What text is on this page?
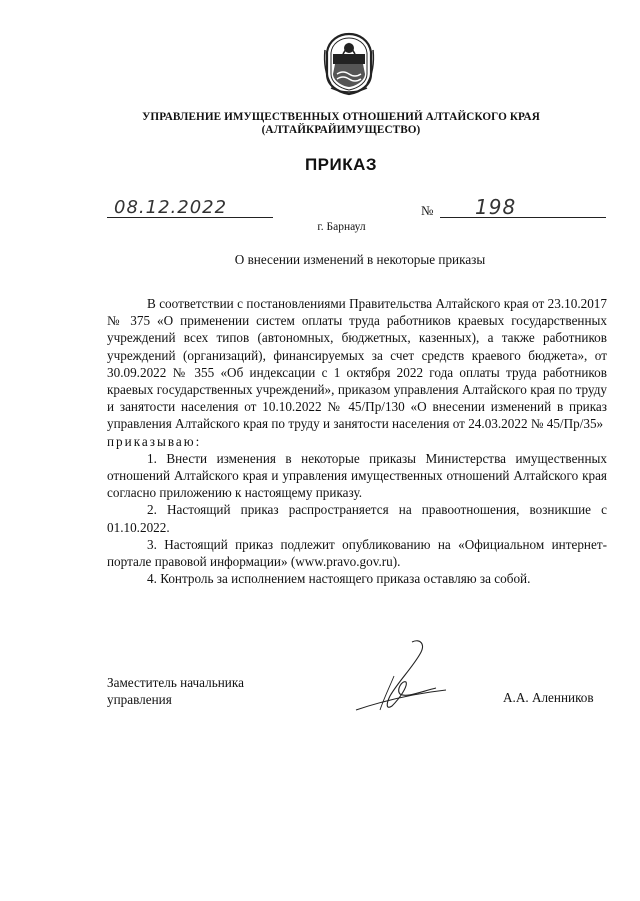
УПРАВЛЕНИЕ ИМУЩЕСТВЕННЫХ ОТНОШЕНИЙ АЛТАЙСКОГО КРАЯ
(АЛТАЙКРАЙИМУЩЕСТВО)
ПРИКАЗ
08.12.2022	№ 198
г. Барнаул
О внесении изменений в некоторые приказы

В соответствии с постановлениями Правительства Алтайского края от 23.10.2017 № 375 «О применении систем оплаты труда работников краевых государственных учреждений всех типов (автономных, бюджетных, казенных), а также работников учреждений (организаций), финансируемых за счет средств краевого бюджета», от 30.09.2022 № 355 «Об индексации с 1 октября 2022 года оплаты труда работников краевых государственных учреждений», приказом управления Алтайского края по труду и занятости населения от 10.10.2022 № 45/Пр/130 «О внесении изменений в приказ управления Алтайского края по труду и занятости населения от 24.03.2022 № 45/Пр/35»

приказываю:

1. Внести изменения в некоторые приказы Министерства имущественных отношений Алтайского края и управления имущественных отношений Алтайского края согласно приложению к настоящему приказу.

2. Настоящий приказ распространяется на правоотношения, возникшие с 01.10.2022.

3. Настоящий приказ подлежит опубликованию на «Официальном интернет-портале правовой информации» (www.pravo.gov.ru).

4. Контроль за исполнением настоящего приказа оставляю за собой.

Заместитель начальника
управления	А.А. Аленников
